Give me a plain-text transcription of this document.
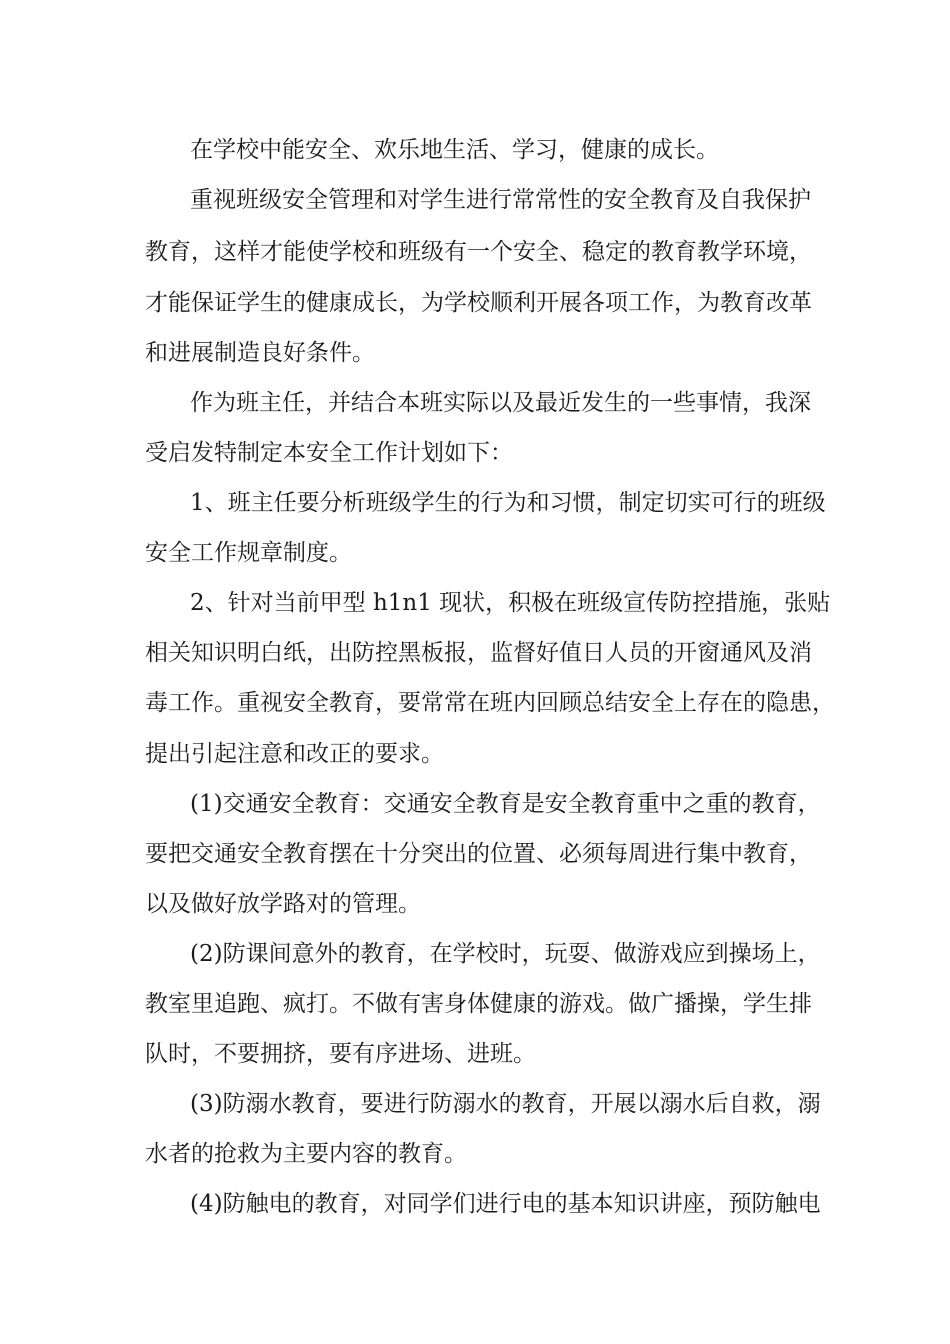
在学校中能安全、欢乐地生活、学习，健康的成长。
重视班级安全管理和对学生进行常常性的安全教育及自我保护
教育，这样才能使学校和班级有一个安全、稳定的教育教学环境，
才能保证学生的健康成长，为学校顺利开展各项工作，为教育改革
和进展制造良好条件。
作为班主任，并结合本班实际以及最近发生的一些事情，我深
受启发特制定本安全工作计划如下：
1、班主任要分析班级学生的行为和习惯，制定切实可行的班级
安全工作规章制度。
2、针对当前甲型 h1n1 现状，积极在班级宣传防控措施，张贴
相关知识明白纸，出防控黑板报，监督好值日人员的开窗通风及消
毒工作。重视安全教育，要常常在班内回顾总结安全上存在的隐患，
提出引起注意和改正的要求。
(1)交通安全教育：交通安全教育是安全教育重中之重的教育，
要把交通安全教育摆在十分突出的位置、必须每周进行集中教育，
以及做好放学路对的管理。
(2)防课间意外的教育，在学校时，玩耍、做游戏应到操场上，
教室里追跑、疯打。不做有害身体健康的游戏。做广播操，学生排
队时，不要拥挤，要有序进场、进班。
(3)防溺水教育，要进行防溺水的教育，开展以溺水后自救，溺
水者的抢救为主要内容的教育。
(4)防触电的教育，对同学们进行电的基本知识讲座，预防触电
